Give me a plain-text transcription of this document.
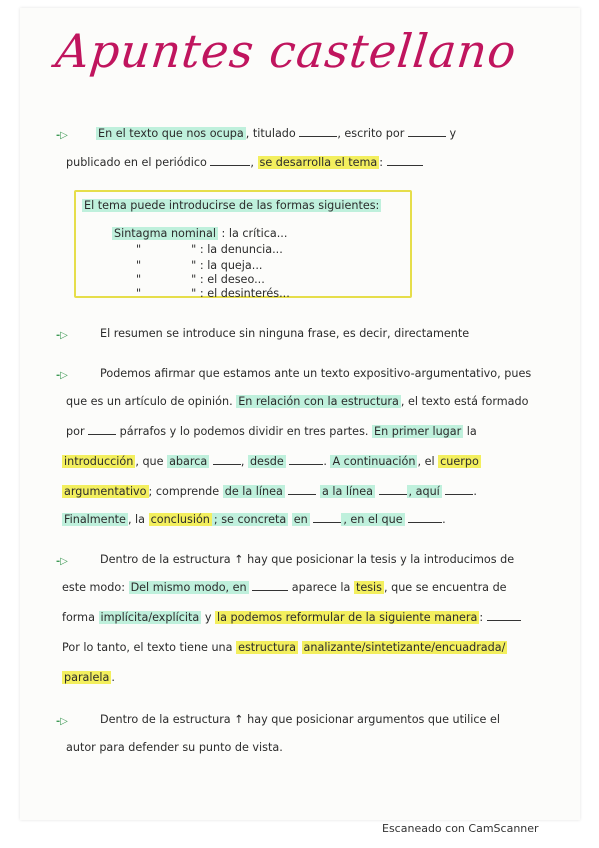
Apuntes castellano
-▷	En el texto que nos ocupa , titulado	, escrito por	y
publicado en el periódico	, se desarrolla el tema :
El tema puede introducirse de las formas siguientes:
Sintagma nominal : la crítica...
"	" : la denuncia...
"	" : la queja...
"	" : el deseo...
"	" : el desinterés...
-▷	El resumen se introduce sin ninguna frase, es decir, directamente
-▷	Podemos afirmar que estamos ante un texto expositivo-argumentativo, pues
que es un artículo de opinión. En relación con la estructura , el texto está formado
por	párrafos y lo podemos dividir en tres partes. En primer lugar la
introducción , que abarca	, desde	. A continuación , el cuerpo
argumentativo ; comprende de la línea	a la línea	, aquí	.
Finalmente , la conclusión ; se concreta en	, en el que	.
-▷	Dentro de la estructura ↑ hay que posicionar la tesis y la introducimos de
este modo: Del mismo modo, en	aparece la tesis , que se encuentra de
forma implícita/explícita y la podemos reformular de la siguiente manera :
Por lo tanto, el texto tiene una estructura analizante/sintetizante/encuadrada/
paralela .
-▷	Dentro de la estructura ↑ hay que posicionar argumentos que utilice el
autor para defender su punto de vista.
Escaneado con CamScanner
